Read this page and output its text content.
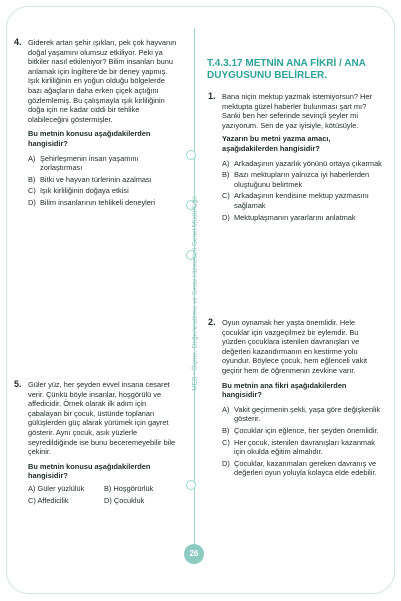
MEB • Ölçme, Değerlendirme ve Sınav Hizmetleri Genel Müdürlüğü
26
4. Giderek artan şehir ışıkları, pek çok hayvanın doğal yaşamını olumsuz etkiliyor. Peki ya bitkiler nasıl etkileniyor? Bilim insanları bunu anlamak için İngiltere'de bir deney yapmış. Işık kirliliğinin en yoğun olduğu bölgelerde bazı ağaçların daha erken çiçek açtığını gözlemlemiş. Bu çalışmayla ışık kirliliğinin doğa için ne kadar ciddi bir tehlike olabileceğini göstermişler.

Bu metnin konusu aşağıdakilerden hangisidir?

A) Şehirleşmenin insan yaşamını zorlaştırması
B) Bitki ve hayvan türlerinin azalması
C) Işık kirliliğinin doğaya etkisi
D) Bilim insanlarının tehlikeli deneyleri
5. Güler yüz, her şeyden evvel insana cesaret verir. Çünkü böyle insanlar, hoşgörülü ve affedicidir. Örnek olarak ilk adım için çabalayan bir çocuk, üstünde toplanan gülüşlerden güç alarak yürümek için gayret gösterir. Aynı çocuk, asık yüzlerle seyredildiğinde ise bunu beceremeyebilir bile çekinir.

Bu metnin konusu aşağıdakilerden hangisidir?

A) Güler yüzlülük	B) Hoşgörürlük
C) Affedicilik	D) Çocukluk
T.4.3.17 METNİN ANA FİKRİ / ANA DUYGUSUNU BELİRLER.
1. Bana niçin mektup yazmak istemiyorsun? Her mektupta güzel haberler bulunması şart mı? Sanki ben her seferinde sevinçli şeyler mi yazıyorum. Sen de yaz iyisiyle, kötüsüyle.

Yazarın bu metni yazma amacı, aşağıdakilerden hangisidir?

A) Arkadaşının yazarlık yönünü ortaya çıkarmak
B) Bazı mektupların yalnızca iyi haberlerden oluştuğunu belirtmek
C) Arkadaşının kendisine mektup yazmasını sağlamak
D) Mektuplaşmanın yararlarını anlatmak
2. Oyun oynamak her yaşta önemlidir. Hele çocuklar için vazgeçilmez bir eylemdir. Bu yüzden çocuklara istenilen davranışları ve değerleri kazandırmanın en kestirme yolu oyundur. Böylece çocuk, hem eğlenceli vakit geçirir hem de öğrenmenin zevkine varır.

Bu metnin ana fikri aşağıdakilerden hangisidir?

A) Vakit geçirmenin şekli, yaşa göre değişkenlik gösterir.
B) Çocuklar için eğlence, her şeyden önemlidir.
C) Her çocuk, istenilen davranışları kazanmak için okulda eğitim almalıdır.
D) Çocuklar, kazanmaları gereken davranış ve değerleri oyun yoluyla kolayca elde edebilir.
